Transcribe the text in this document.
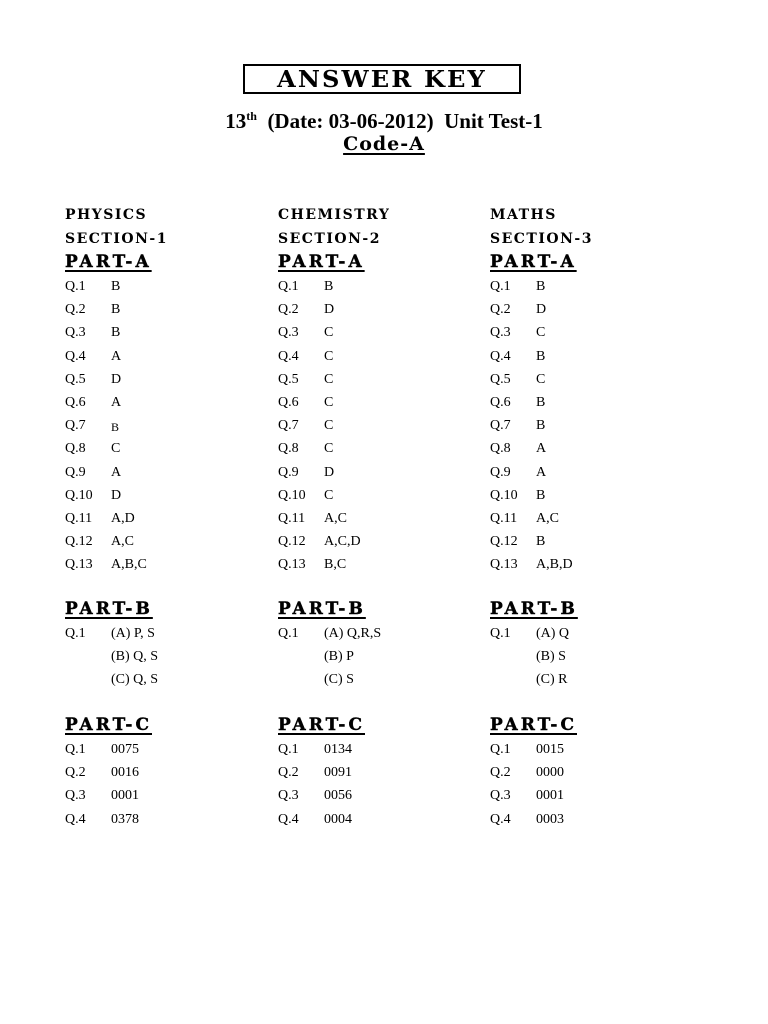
ANSWER KEY
13th (Date: 03-06-2012)  Unit Test-1
Code-A
PHYSICS
SECTION-1
PART-A
PART-B
PART-C
Q.1 B
Q.2 B
Q.3 B
Q.4 A
Q.5 D
Q.6 A
Q.7 B
Q.8 C
Q.9 A
Q.10 D
Q.11 A,D
Q.12 A,C
Q.13 A,B,C
Q.1 (A) P, S
(B) Q, S
(C) Q, S
Q.1 0075
Q.2 0016
Q.3 0001
Q.4 0378
CHEMISTRY
SECTION-2
PART-A
PART-B
PART-C
Q.1 B
Q.2 D
Q.3 C
Q.4 C
Q.5 C
Q.6 C
Q.7 C
Q.8 C
Q.9 D
Q.10 C
Q.11 A,C
Q.12 A,C,D
Q.13 B,C
Q.1 (A) Q,R,S
(B) P
(C) S
Q.1 0134
Q.2 0091
Q.3 0056
Q.4 0004
MATHS
SECTION-3
PART-A
PART-B
PART-C
Q.1 B
Q.2 D
Q.3 C
Q.4 B
Q.5 C
Q.6 B
Q.7 B
Q.8 A
Q.9 A
Q.10 B
Q.11 A,C
Q.12 B
Q.13 A,B,D
Q.1 (A) Q
(B) S
(C) R
Q.1 0015
Q.2 0000
Q.3 0001
Q.4 0003
